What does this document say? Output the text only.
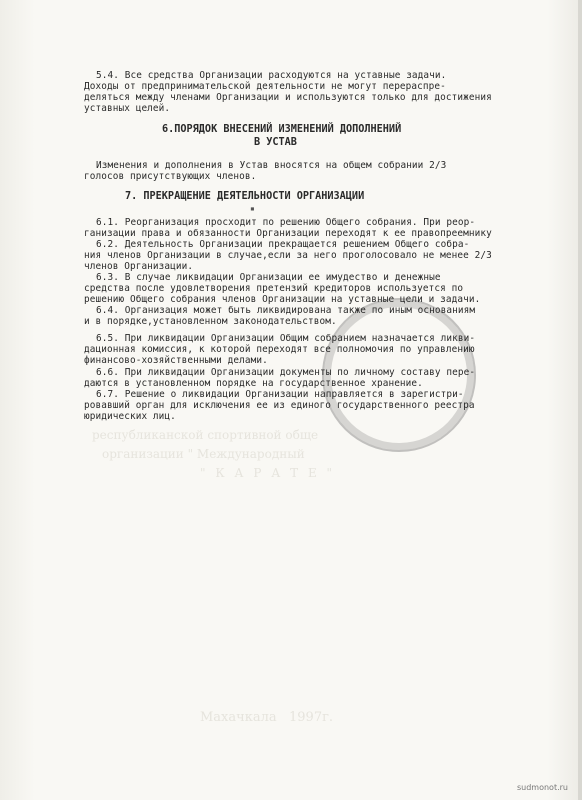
республиканской спортивной обще
организации " Международный
" К А Р А Т Е "
Махачкала   1997г.
5.4. Все средства Организации расходуются на уставные задачи.
Доходы от предпринимательской деятельности не могут перераспре-
деляться между членами Организации и используются только для достижения
уставных целей.
6.ПОРЯДОК ВНЕСЕНИЙ ИЗМЕНЕНИЙ ДОПОЛНЕНИЙ
В УСТАВ
Изменения и дополнения в Устав вносятся на общем собрании 2/3
голосов присутствующих членов.
7. ПРЕКРАЩЕНИЕ ДЕЯТЕЛЬНОСТИ ОРГАНИЗАЦИИ
▪
6.1. Реорганизация просходит по решению Общего собрания. При реор-
ганизации права и обязанности Организации переходят к ее правопреемнику
6.2. Деятельность Организации прекращается решением Общего собра-
ния членов Организации в случае,если за него проголосовало не менее 2/3
членов Организации.
6.3. В случае ликвидации Организации ее имудество и денежные
средства после удовлетворения претензий кредиторов используется по
решению Общего собрания членов Организации на уставные цели и задачи.
6.4. Организация может быть ликвидирована также по иным основаниям
и в порядке,установленном законодательством.
6.5. При ликвидации Организации Общим собранием назначается ликви-
дационная комиссия, к которой переходят все полномочия по управлению
финансово-хозяйственными делами.
6.6. При ликвидации Организации документы по личному составу пере-
даются в установленном порядке на государственное хранение.
6.7. Решение о ликвидации Организации направляется в зарегистри-
ровавший орган для исключения ее из единого государственного реестра
юридических лиц.
sudmonot.ru
